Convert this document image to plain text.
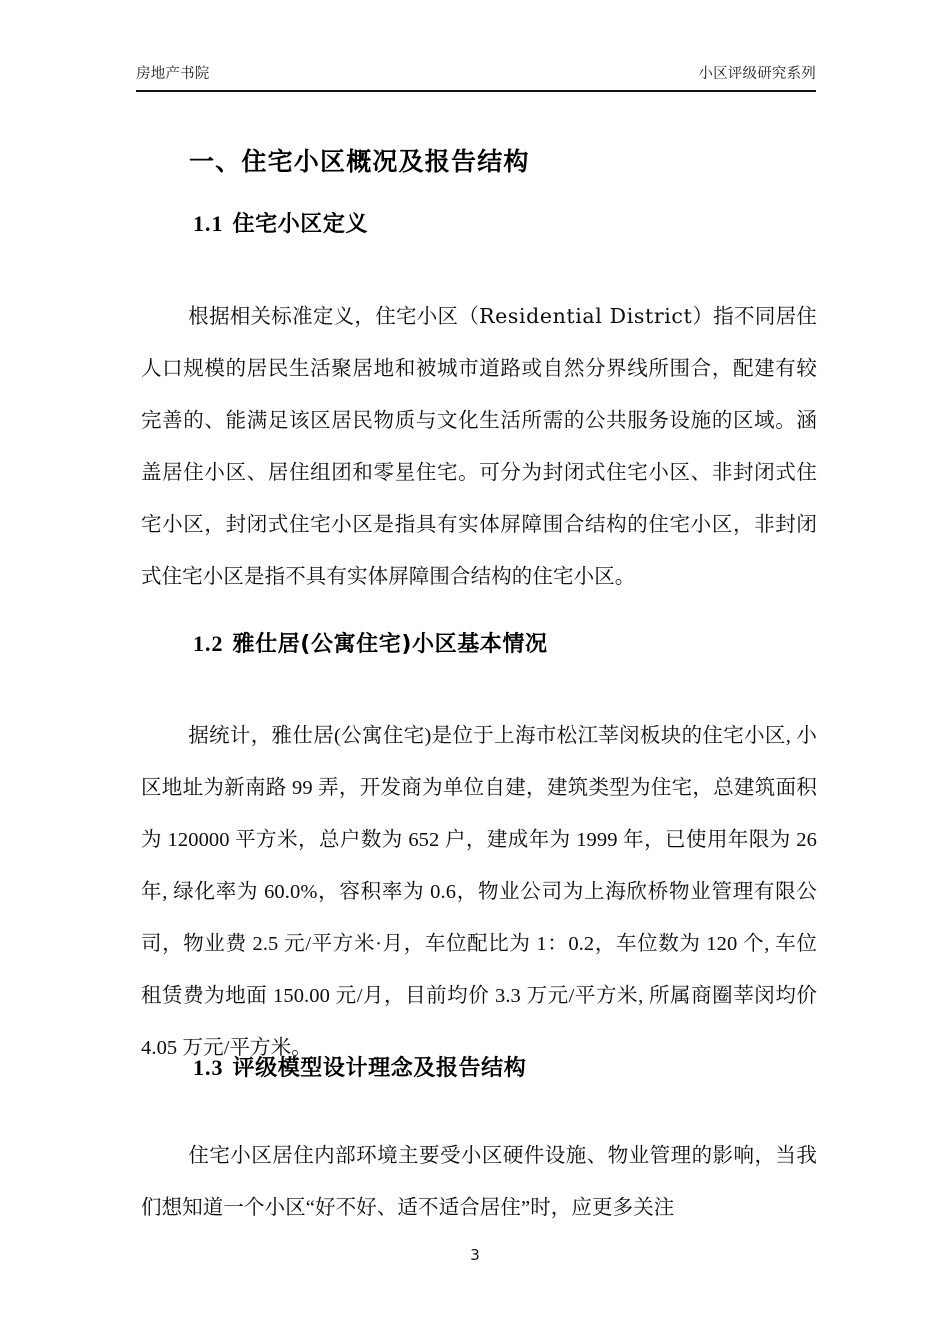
房地产书院	小区评级研究系列
一、住宅小区概况及报告结构
1.1 住宅小区定义

根据相关标准定义，住宅小区（Residential District）指不同居住人口规模的居民生活聚居地和被城市道路或自然分界线所围合，配建有较完善的、能满足该区居民物质与文化生活所需的公共服务设施的区域。涵盖居住小区、居住组团和零星住宅。可分为封闭式住宅小区、非封闭式住宅小区，封闭式住宅小区是指具有实体屏障围合结构的住宅小区，非封闭式住宅小区是指不具有实体屏障围合结构的住宅小区。

1.2 雅仕居(公寓住宅)小区基本情况

据统计，雅仕居(公寓住宅)是位于上海市松江莘闵板块的住宅小区, 小区地址为新南路 99 弄，开发商为单位自建，建筑类型为住宅，总建筑面积为 120000 平方米，总户数为 652 户，建成年为 1999 年，已使用年限为 26 年, 绿化率为 60.0%，容积率为 0.6，物业公司为上海欣桥物业管理有限公司，物业费 2.5 元/平方米·月，车位配比为 1：0.2，车位数为 120 个, 车位租赁费为地面 150.00 元/月，目前均价 3.3 万元/平方米, 所属商圈莘闵均价 4.05 万元/平方米。

1.3 评级模型设计理念及报告结构

住宅小区居住内部环境主要受小区硬件设施、物业管理的影响，当我们想知道一个小区“好不好、适不适合居住”时，应更多关注

3
